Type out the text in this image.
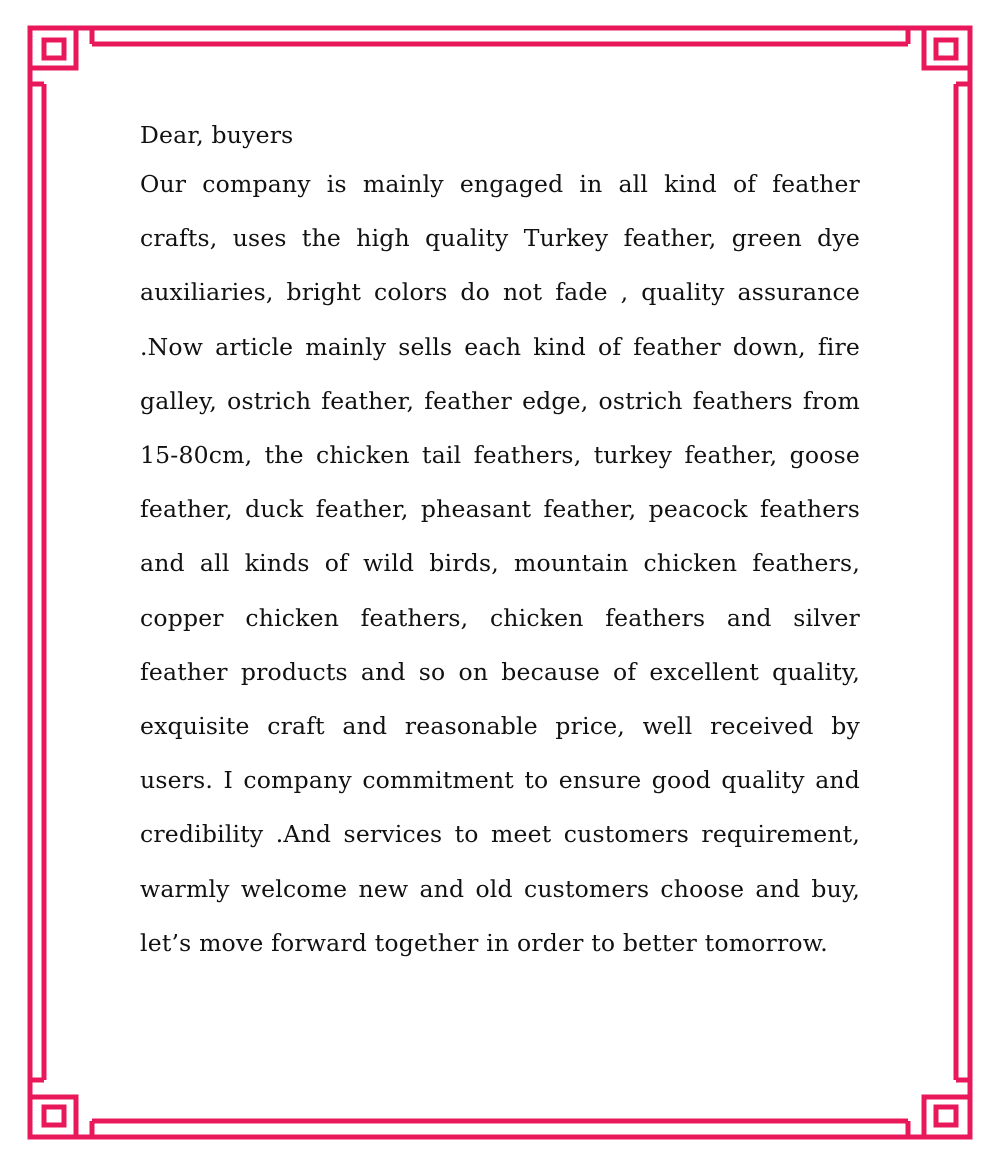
Dear, buyers

Our company is mainly engaged in all kind of feather crafts, uses the high quality Turkey feather, green dye auxiliaries, bright colors do not fade , quality assurance .Now article mainly sells each kind of feather down, fire galley, ostrich feather, feather edge, ostrich feathers from 15-80cm, the chicken tail feathers, turkey feather, goose feather, duck feather, pheasant feather, peacock feathers and all kinds of wild birds, mountain chicken feathers, copper chicken feathers, chicken feathers and silver feather products and so on because of excellent quality, exquisite craft and reasonable price, well received by users. I company commitment to ensure good quality and credibility .And services to meet customers requirement, warmly welcome new and old customers choose and buy, let’s move forward together in order to better tomorrow.
